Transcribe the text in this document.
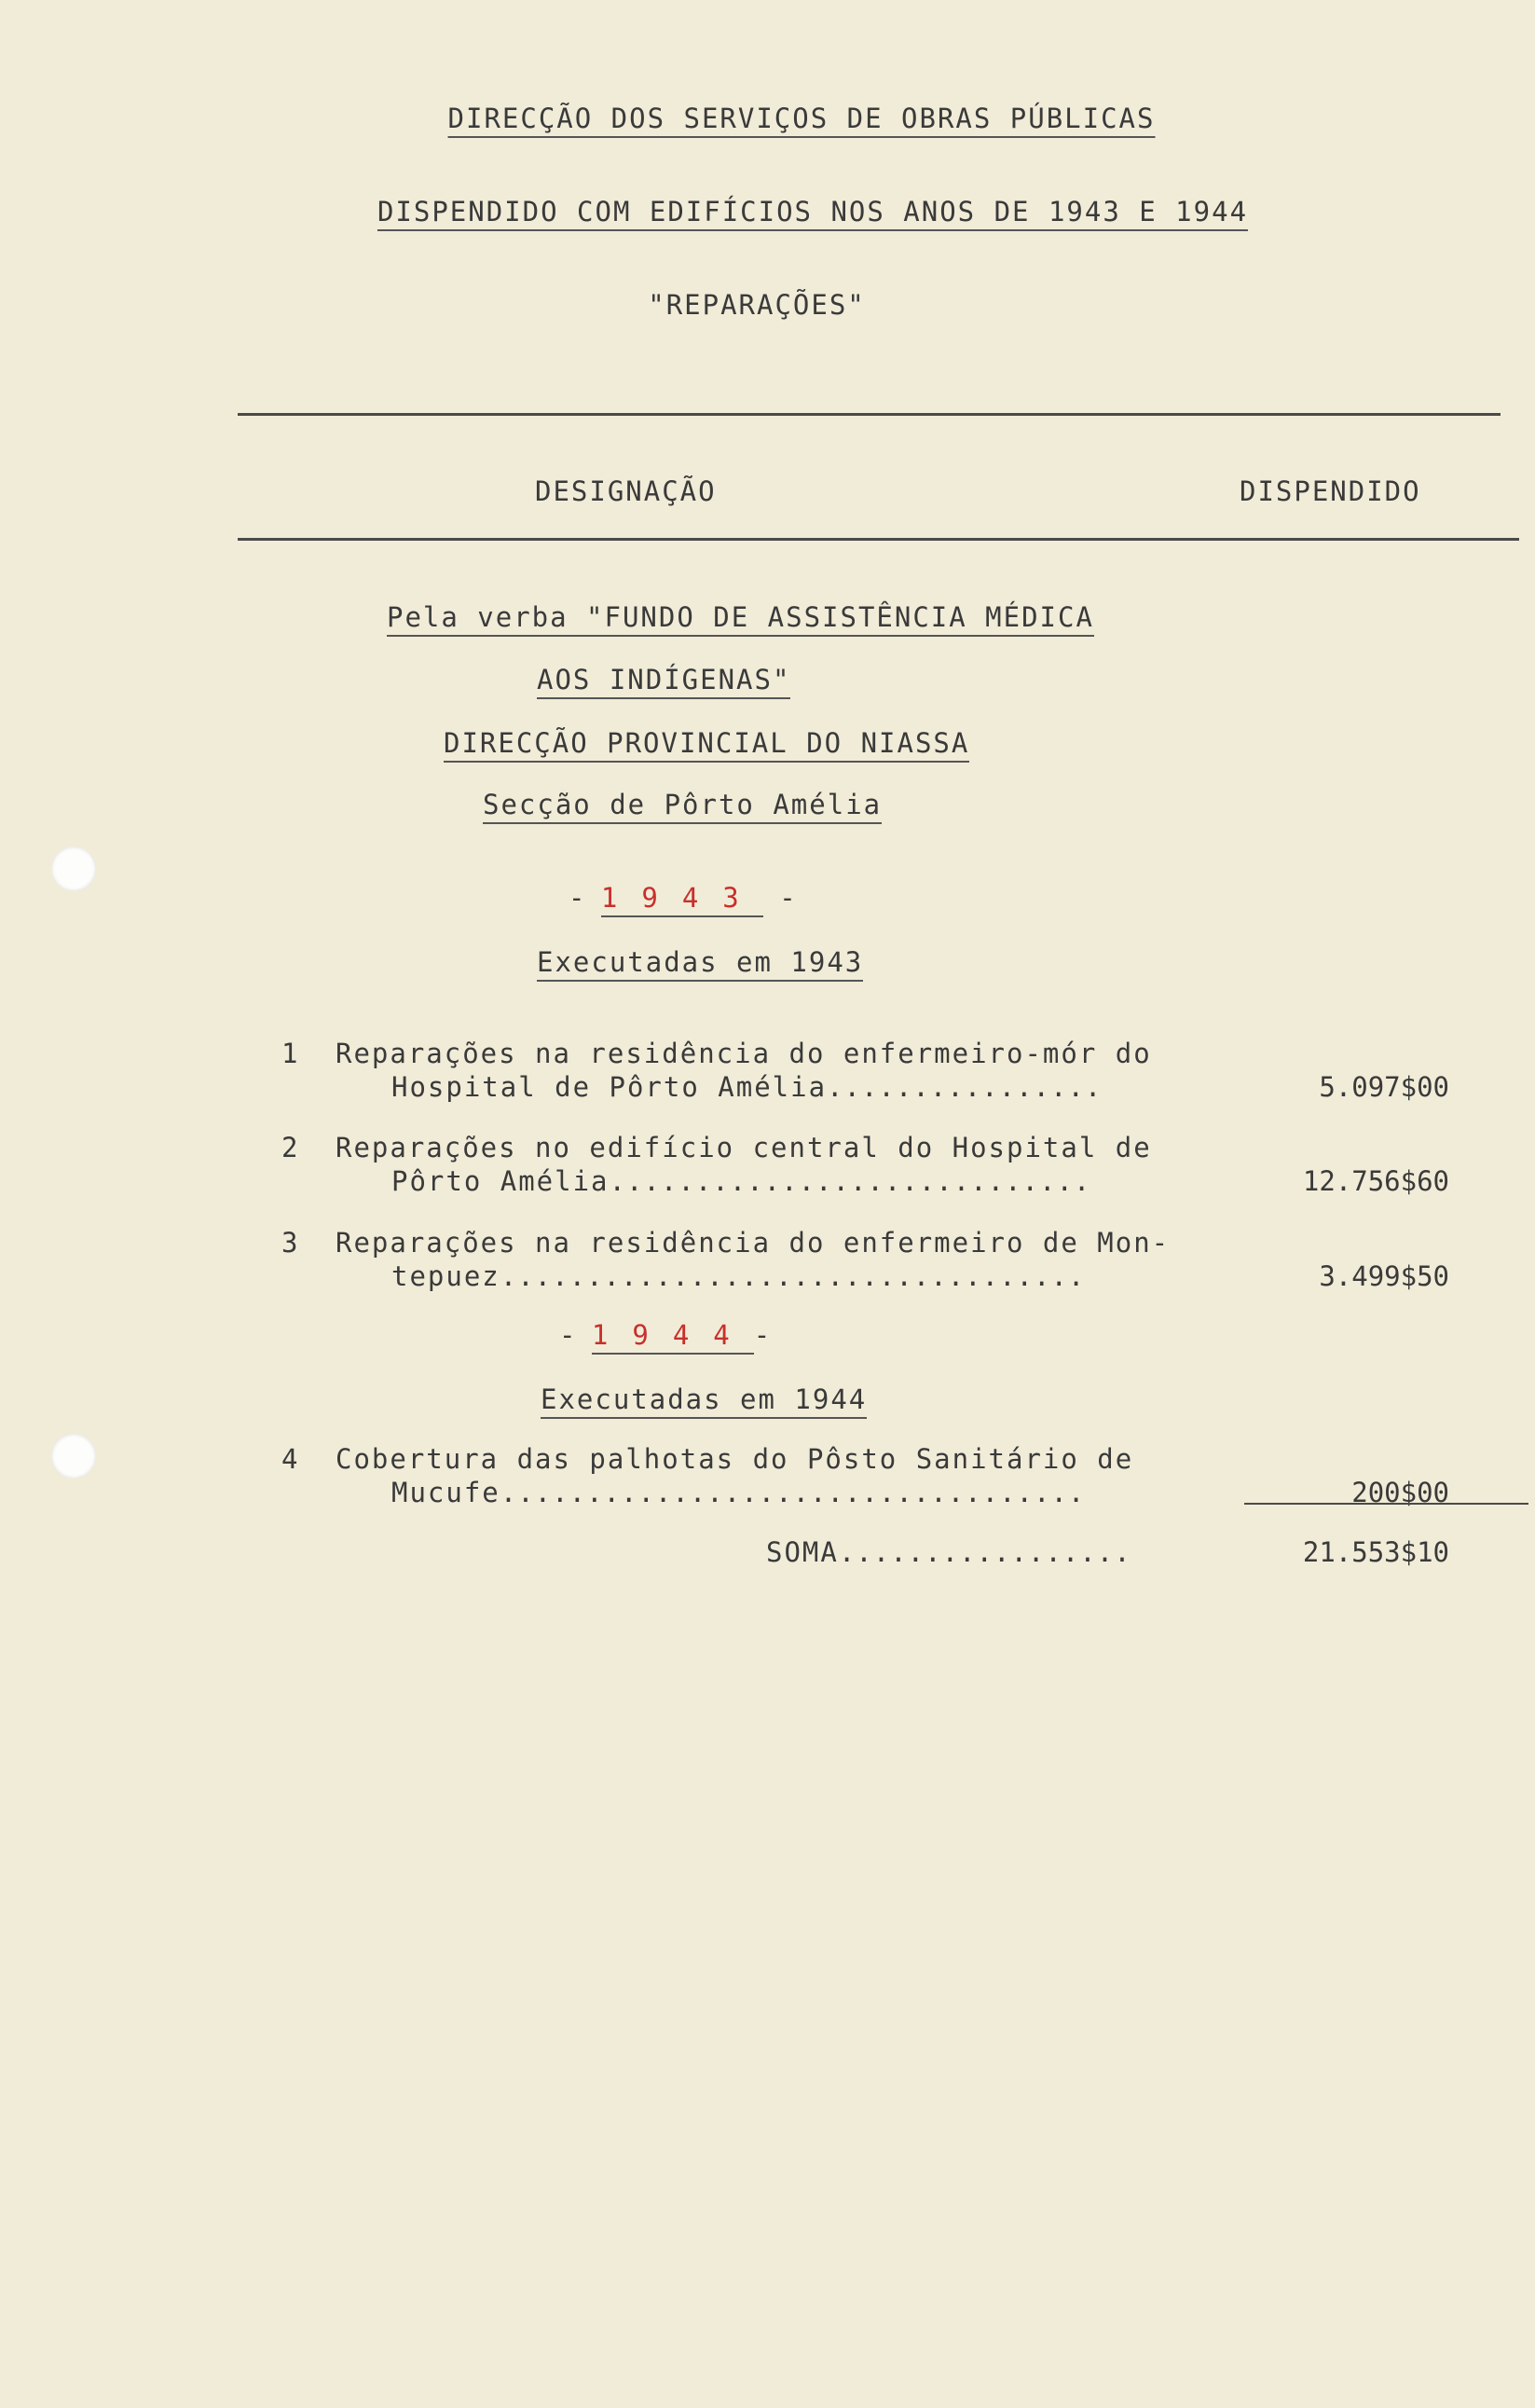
DIRECÇÃO DOS SERVIÇOS DE OBRAS PÚBLICAS
DISPENDIDO COM EDIFÍCIOS NOS ANOS DE 1943 E 1944
"REPARAÇÕES"
DESIGNAÇÃO	DISPENDIDO
Pela verba "FUNDO DE ASSISTÊNCIA MÉDICA
AOS INDÍGENAS"
DIRECÇÃO PROVINCIAL DO NIASSA
Secção de Pôrto Amélia
- 1943 -
Executadas em 1943
1 Reparações na residência do enfermeiro-mór do
Hospital de Pôrto Amélia................	5.097$00
2 Reparações no edifício central do Hospital de
Pôrto Amélia............................	12.756$60
3 Reparações na residência do enfermeiro de Mon-
tepuez..................................	3.499$50
- 1944-
Executadas em 1944
4 Cobertura das palhotas do Pôsto Sanitário de
Mucufe..................................	200$00
SOMA.................	21.553$10
